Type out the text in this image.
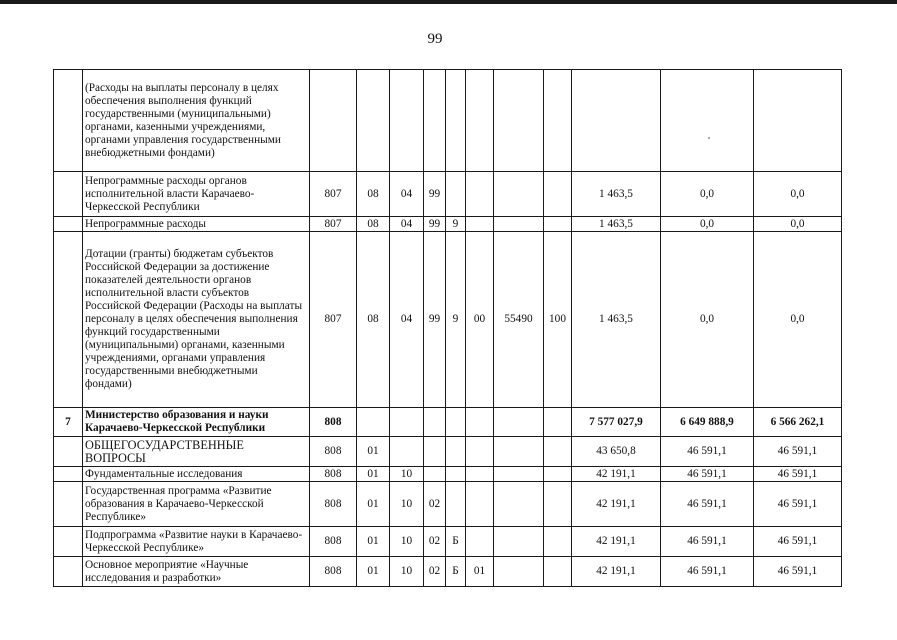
99
	(Расходы на выплаты персоналу в целях обеспечения выполнения функций государственными (муниципальными) органами, казенными учреждениями, органами управления государственными внебюджетными фондами)											
	Непрограммные расходы органов исполнительной власти Карачаево-Черкесской Республики	807	08	04	99					1 463,5	0,0	0,0
	Непрограммные расходы	807	08	04	99	9				1 463,5	0,0	0,0
	Дотации (гранты) бюджетам субъектов Российской Федерации за достижение показателей деятельности органов исполнительной власти субъектов Российской Федерации (Расходы на выплаты персоналу в целях обеспечения выполнения функций государственными (муниципальными) органами, казенными учреждениями, органами управления государственными внебюджетными фондами)	807	08	04	99	9	00	55490	100	1 463,5	0,0	0,0
7	Министерство образования и науки Карачаево-Черкесской Республики	808								7 577 027,9	6 649 888,9	6 566 262,1
	ОБЩЕГОСУДАРСТВЕННЫЕ ВОПРОСЫ	808	01							43 650,8	46 591,1	46 591,1
	Фундаментальные исследования	808	01	10						42 191,1	46 591,1	46 591,1
	Государственная программа «Развитие образования в Карачаево-Черкесской Республике»	808	01	10	02					42 191,1	46 591,1	46 591,1
	Подпрограмма «Развитие науки в Карачаево-Черкесской Республике»	808	01	10	02	Б				42 191,1	46 591,1	46 591,1
	Основное мероприятие «Научные исследования и разработки»	808	01	10	02	Б	01			42 191,1	46 591,1	46 591,1
